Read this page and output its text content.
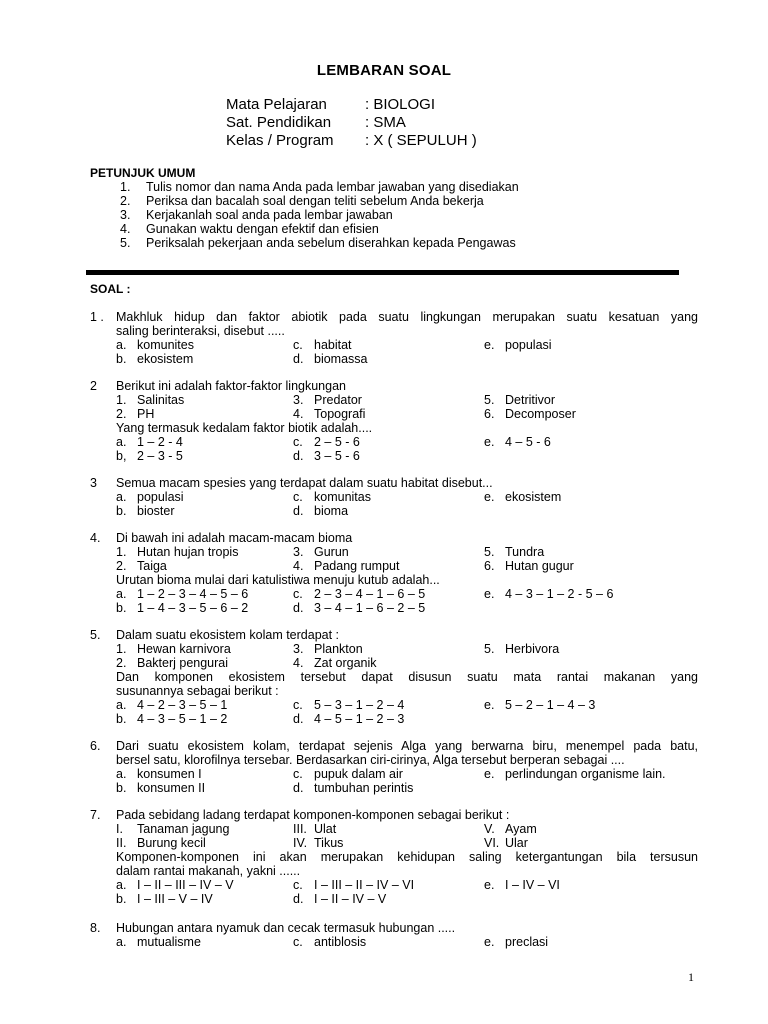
LEMBARAN SOAL
Mata Pelajaran	: BIOLOGI
Sat. Pendidikan : SMA
Kelas / Program : X ( SEPULUH )
PETUNJUK UMUM
1. Tulis nomor dan nama Anda pada lembar jawaban yang disediakan
2. Periksa dan bacalah soal dengan teliti sebelum Anda bekerja
3. Kerjakanlah soal anda pada lembar jawaban
4. Gunakan waktu dengan efektif dan efisien
5. Periksalah pekerjaan anda sebelum diserahkan kepada Pengawas
SOAL :
1 . Makhluk hidup dan faktor abiotik pada suatu lingkungan merupakan suatu kesatuan yang
saling berinteraksi, disebut .....
a. komunites	c. habitat	e. populasi
b. ekosistem	d. biomassa
2 Berikut ini adalah faktor-faktor lingkungan
1. Salinitas	3. Predator	5. Detritivor
2. PH	4. Topografi	6. Decomposer
Yang termasuk kedalam faktor biotik adalah....
a. 1 – 2 - 4	c. 2 – 5 - 6	e. 4 – 5 - 6
b, 2 – 3 - 5	d. 3 – 5 - 6
3 Semua macam spesies yang terdapat dalam suatu habitat disebut...
a. populasi	c. komunitas	e. ekosistem
b. bioster	d. bioma
4. Di bawah ini adalah macam-macam bioma
1. Hutan hujan tropis	3. Gurun	5. Tundra
2. Taiga	4. Padang rumput	6. Hutan gugur
Urutan bioma mulai dari katulistiwa menuju kutub adalah...
a. 1 – 2 – 3 – 4 – 5 – 6	c. 2 – 3 – 4 – 1 – 6 – 5	e. 4 – 3 – 1 – 2 - 5 – 6
b. 1 – 4 – 3 – 5 – 6 – 2	d. 3 – 4 – 1 – 6 – 2 – 5
5. Dalam suatu ekosistem kolam terdapat :
1. Hewan karnivora	3. Plankton	5. Herbivora
2. Bakterj pengurai	4. Zat organik
Dan komponen ekosistem tersebut dapat disusun suatu mata rantai makanan yang
susunannya sebagai berikut :
a. 4 – 2 – 3 – 5 – 1	c. 5 – 3 – 1 – 2 – 4	e. 5 – 2 – 1 – 4 – 3
b. 4 – 3 – 5 – 1 – 2	d. 4 – 5 – 1 – 2 – 3
6. Dari suatu ekosistem kolam, terdapat sejenis Alga yang berwarna biru, menempel pada batu,
bersel satu, klorofilnya tersebar. Berdasarkan ciri-cirinya, Alga tersebut berperan sebagai ....
a. konsumen I	c. pupuk dalam air	e. perlindungan organisme lain.
b. konsumen II	d. tumbuhan perintis
7. Pada sebidang ladang terdapat komponen-komponen sebagai berikut :
I. Tanaman jagung	III. Ulat	V. Ayam
II. Burung kecil	IV. Tikus	VI. Ular
Komponen-komponen ini akan merupakan kehidupan saling ketergantungan bila tersusun
dalam rantai makanah, yakni ......
a. I – II – III – IV – V	c. I – III – II – IV – VI	e. I – IV – VI
b. I – III – V – IV	d. I – II – IV – V
8. Hubungan antara nyamuk dan cecak termasuk hubungan .....
a. mutualisme	c. antiblosis	e. preclasi
1
